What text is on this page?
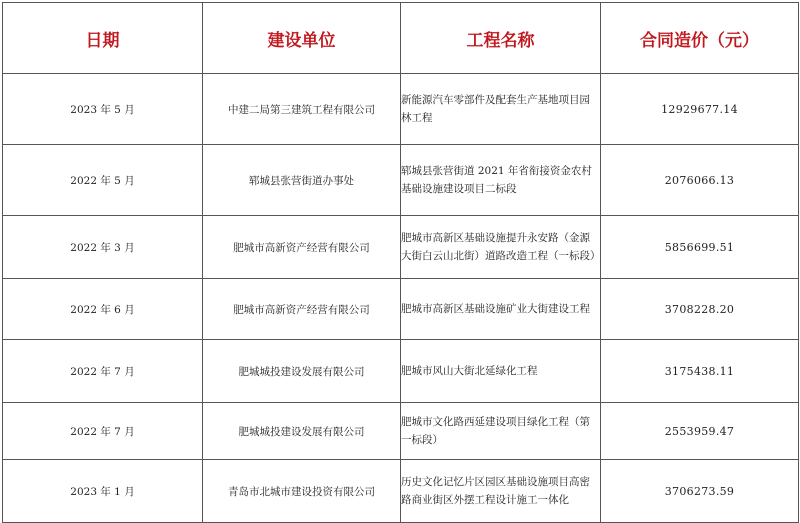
日期	建设单位	工程名称	合同造价（元）
2023 年 5 月	中建二局第三建筑工程有限公司	新能源汽车零部件及配套生产基地项目园林工程	12929677.14
2022 年 5 月	郓城县张营街道办事处	郓城县张营街道 2021 年省衔接资金农村基础设施建设项目二标段	2076066.13
2022 年 3 月	肥城市高新资产经营有限公司	肥城市高新区基础设施提升永安路（金源大街白云山北街）道路改造工程（一标段）	5856699.51
2022 年 6 月	肥城市高新资产经营有限公司	肥城市高新区基础设施矿业大街建设工程	3708228.20
2022 年 7 月	肥城城投建设发展有限公司	肥城市风山大街北延绿化工程	3175438.11
2022 年 7 月	肥城城投建设发展有限公司	肥城市文化路西延建设项目绿化工程（第一标段）	2553959.47
2023 年 1 月	青岛市北城市建设投资有限公司	历史文化记忆片区园区基础设施项目高密路商业街区外摆工程设计施工一体化	3706273.59
